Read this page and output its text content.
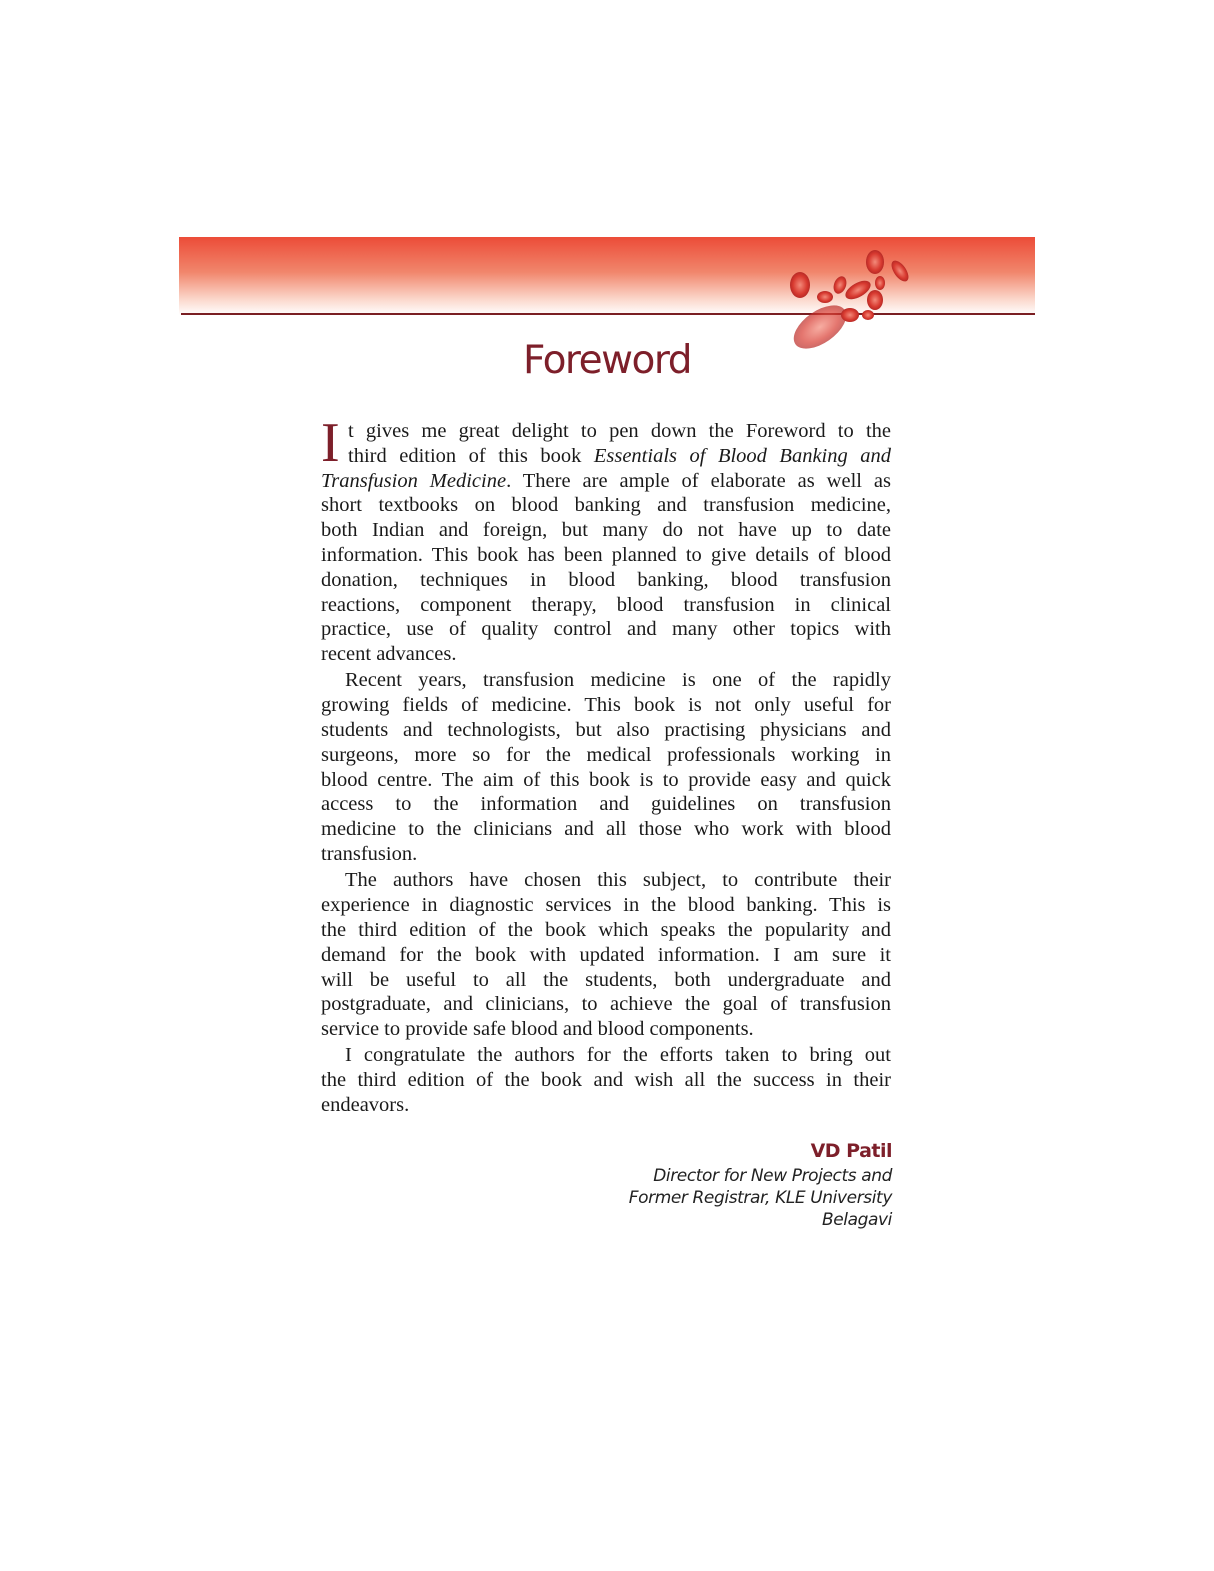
Foreword

I t gives me great delight to pen down the Foreword to the
third edition of this book Essentials of Blood Banking and
Transfusion Medicine. There are ample of elaborate as well as
short textbooks on blood banking and transfusion medicine,
both Indian and foreign, but many do not have up to date
information. This book has been planned to give details of blood
donation, techniques in blood banking, blood transfusion
reactions, component therapy, blood transfusion in clinical
practice, use of quality control and many other topics with
recent advances.

Recent years, transfusion medicine is one of the rapidly
growing fields of medicine. This book is not only useful for
students and technologists, but also practising physicians and
surgeons, more so for the medical professionals working in
blood centre. The aim of this book is to provide easy and quick
access to the information and guidelines on transfusion
medicine to the clinicians and all those who work with blood
transfusion.

The authors have chosen this subject, to contribute their
experience in diagnostic services in the blood banking. This is
the third edition of the book which speaks the popularity and
demand for the book with updated information. I am sure it
will be useful to all the students, both undergraduate and
postgraduate, and clinicians, to achieve the goal of transfusion
service to provide safe blood and blood components.

I congratulate the authors for the efforts taken to bring out
the third edition of the book and wish all the success in their
endeavors.

VD Patil
Director for New Projects and
Former Registrar, KLE University
Belagavi
